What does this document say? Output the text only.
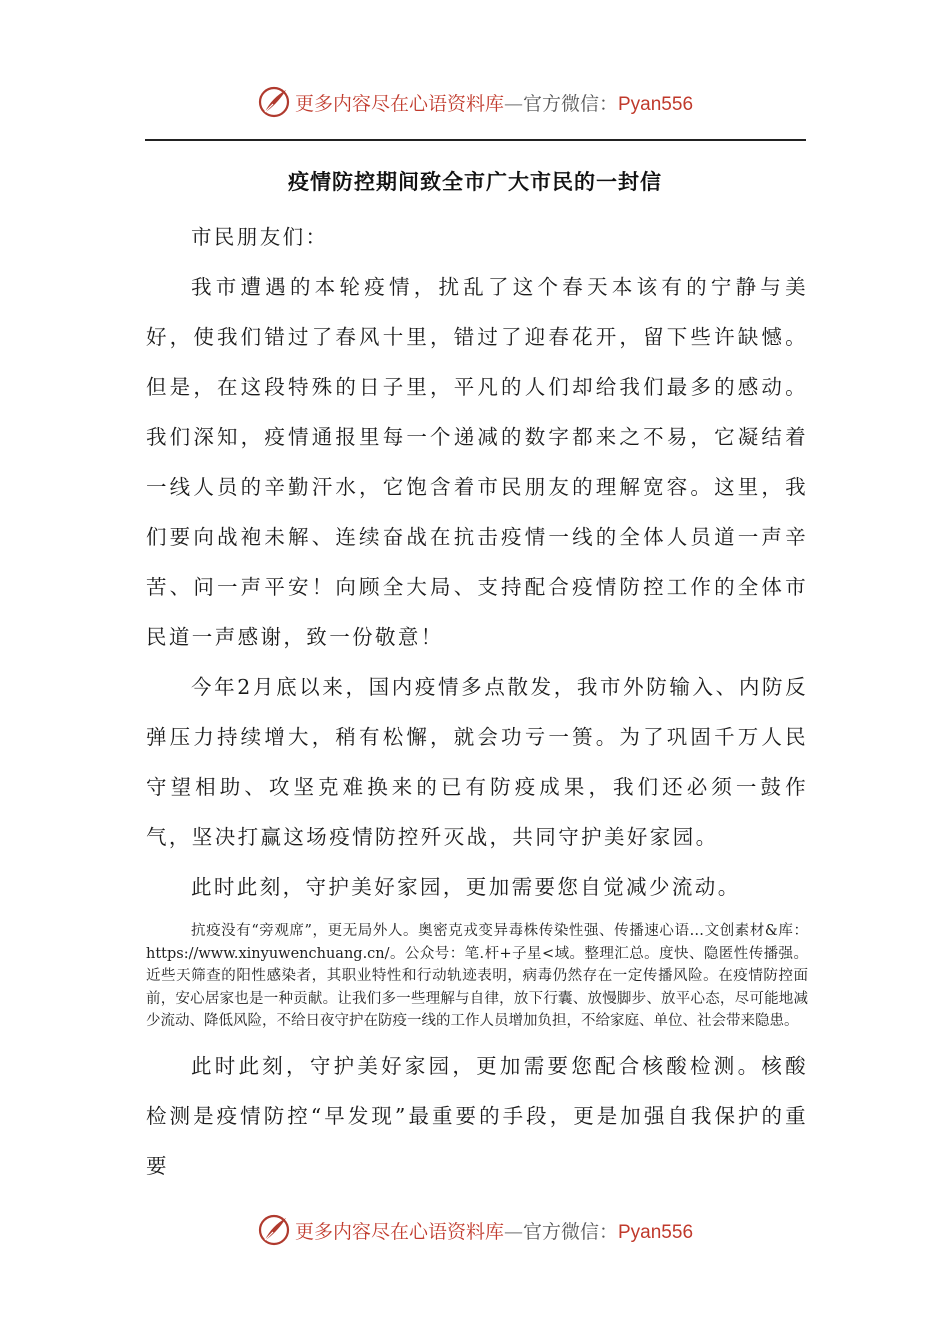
更多内容尽在心语资料库—官方微信：Pyan556
疫情防控期间致全市广大市民的一封信

市民朋友们：

我市遭遇的本轮疫情，扰乱了这个春天本该有的宁静与美好，使我们错过了春风十里，错过了迎春花开，留下些许缺憾。但是，在这段特殊的日子里，平凡的人们却给我们最多的感动。我们深知，疫情通报里每一个递减的数字都来之不易，它凝结着一线人员的辛勤汗水，它饱含着市民朋友的理解宽容。这里，我们要向战袍未解、连续奋战在抗击疫情一线的全体人员道一声辛苦、问一声平安！向顾全大局、支持配合疫情防控工作的全体市民道一声感谢，致一份敬意！

今年2月底以来，国内疫情多点散发，我市外防输入、内防反弹压力持续增大，稍有松懈，就会功亏一篑。为了巩固千万人民守望相助、攻坚克难换来的已有防疫成果，我们还必须一鼓作气，坚决打赢这场疫情防控歼灭战，共同守护美好家园。

此时此刻，守护美好家园，更加需要您自觉减少流动。

抗疫没有“旁观席”，更无局外人。奥密克戎变异毒株传染性强、传播速心语…文创素材&库：https://www.xinyuwenchuang.cn/。公众号：笔.杆+子星<域。整理汇总。度快、隐匿性传播强。近些天筛查的阳性感染者，其职业特性和行动轨迹表明，病毒仍然存在一定传播风险。在疫情防控面前，安心居家也是一种贡献。让我们多一些理解与自律，放下行囊、放慢脚步、放平心态，尽可能地减少流动、降低风险，不给日夜守护在防疫一线的工作人员增加负担，不给家庭、单位、社会带来隐患。

此时此刻，守护美好家园，更加需要您配合核酸检测。核酸检测是疫情防控“早发现”最重要的手段，更是加强自我保护的重要

更多内容尽在心语资料库—官方微信：Pyan556
